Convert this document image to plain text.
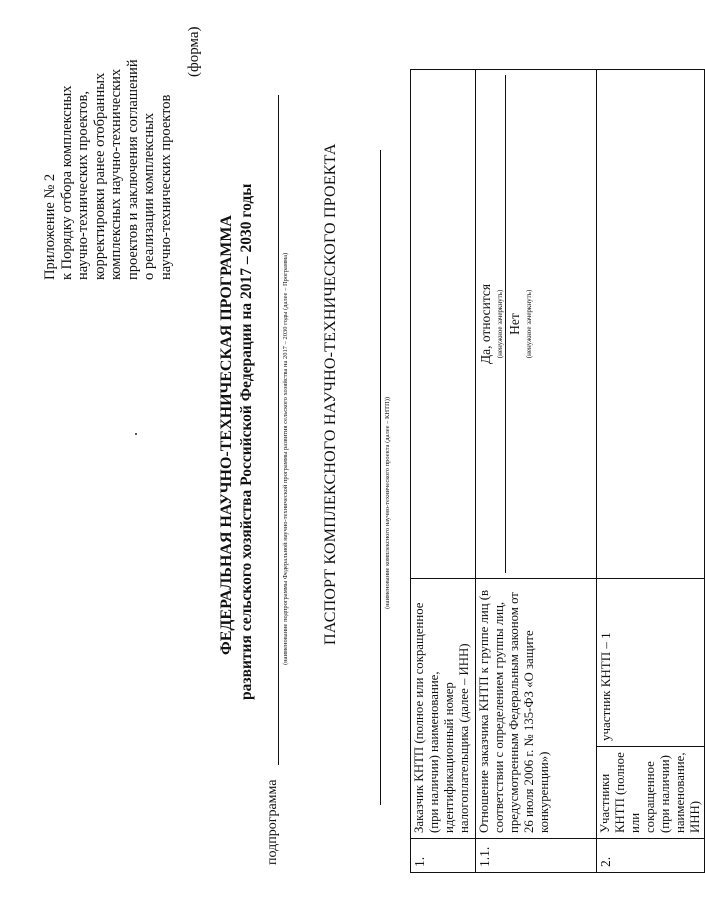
Приложение № 2 к Порядку отбора комплексных научно-технических проектов, корректировки ранее отобранных комплексных научно-технических проектов и заключения соглашений о реализации комплексных научно-технических проектов
(форма)
ФЕДЕРАЛЬНАЯ НАУЧНО-ТЕХНИЧЕСКАЯ ПРОГРАММА развития сельского хозяйства Российской Федерации на 2017 – 2030 годы
подпрограмма
(наименование подпрограммы Федеральной научно-технической программы развития сельского хозяйства на 2017 – 2030 годы (далее – Программа) ПАСПОРТ КОМПЛЕКСНОГО НАУЧНО-ТЕХНИЧЕСКОГО ПРОЕКТА	(наименование комплексного научно-технического проекта (далее – КНТП))
1.	Заказчик КНТП (полное или сокращенное (при наличии) наименование, идентификационный номер налогоплательщика (далее – ИНН)		
1.1.	Отношение заказчика КНТП к группе лиц (в соответствии с определением группы лиц, предусмотренным Федеральным законом от 26 июля 2006 г. № 135-ФЗ «О защите конкуренции»)		Да, относится (ненужное зачеркнуть) Нет (ненужное зачеркнуть)

2.	Участники КНТП (полное или сокращенное (при наличии) наименование, ИНН)	участник КНТП – 1	
